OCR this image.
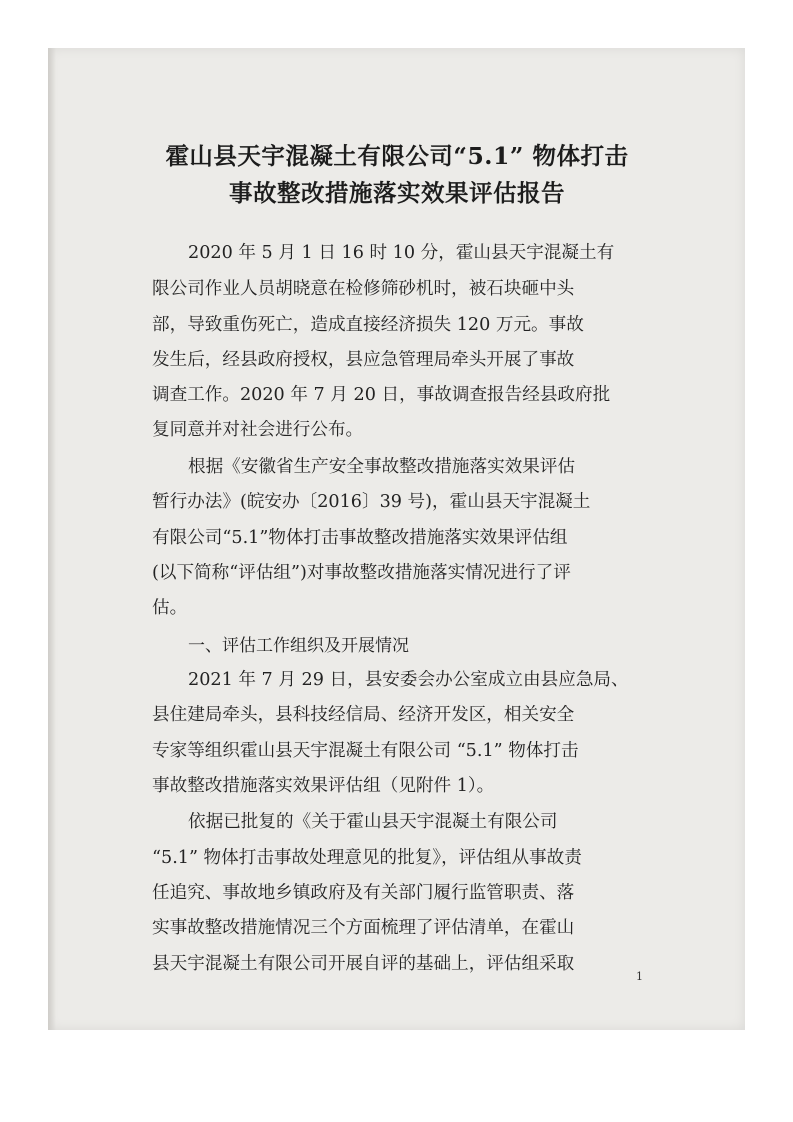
霍山县天宇混凝土有限公司“5.1” 物体打击
事故整改措施落实效果评估报告

2020 年 5 月 1 日 16 时 10 分，霍山县天宇混凝土有

限公司作业人员胡晓意在检修筛砂机时，被石块砸中头

部，导致重伤死亡，造成直接经济损失 120 万元。事故

发生后，经县政府授权，县应急管理局牵头开展了事故

调查工作。2020 年 7 月 20 日，事故调查报告经县政府批

复同意并对社会进行公布。

根据《安徽省生产安全事故整改措施落实效果评估

暂行办法》(皖安办〔2016〕39 号)，霍山县天宇混凝土

有限公司“5.1”物体打击事故整改措施落实效果评估组

(以下简称“评估组”)对事故整改措施落实情况进行了评

估。

一、评估工作组织及开展情况

2021 年 7 月 29 日，县安委会办公室成立由县应急局、

县住建局牵头，县科技经信局、经济开发区，相关安全

专家等组织霍山县天宇混凝土有限公司 “5.1” 物体打击

事故整改措施落实效果评估组（见附件 1）。

依据已批复的《关于霍山县天宇混凝土有限公司

“5.1” 物体打击事故处理意见的批复》，评估组从事故责

任追究、事故地乡镇政府及有关部门履行监管职责、落

实事故整改措施情况三个方面梳理了评估清单，在霍山

县天宇混凝土有限公司开展自评的基础上，评估组采取

1
